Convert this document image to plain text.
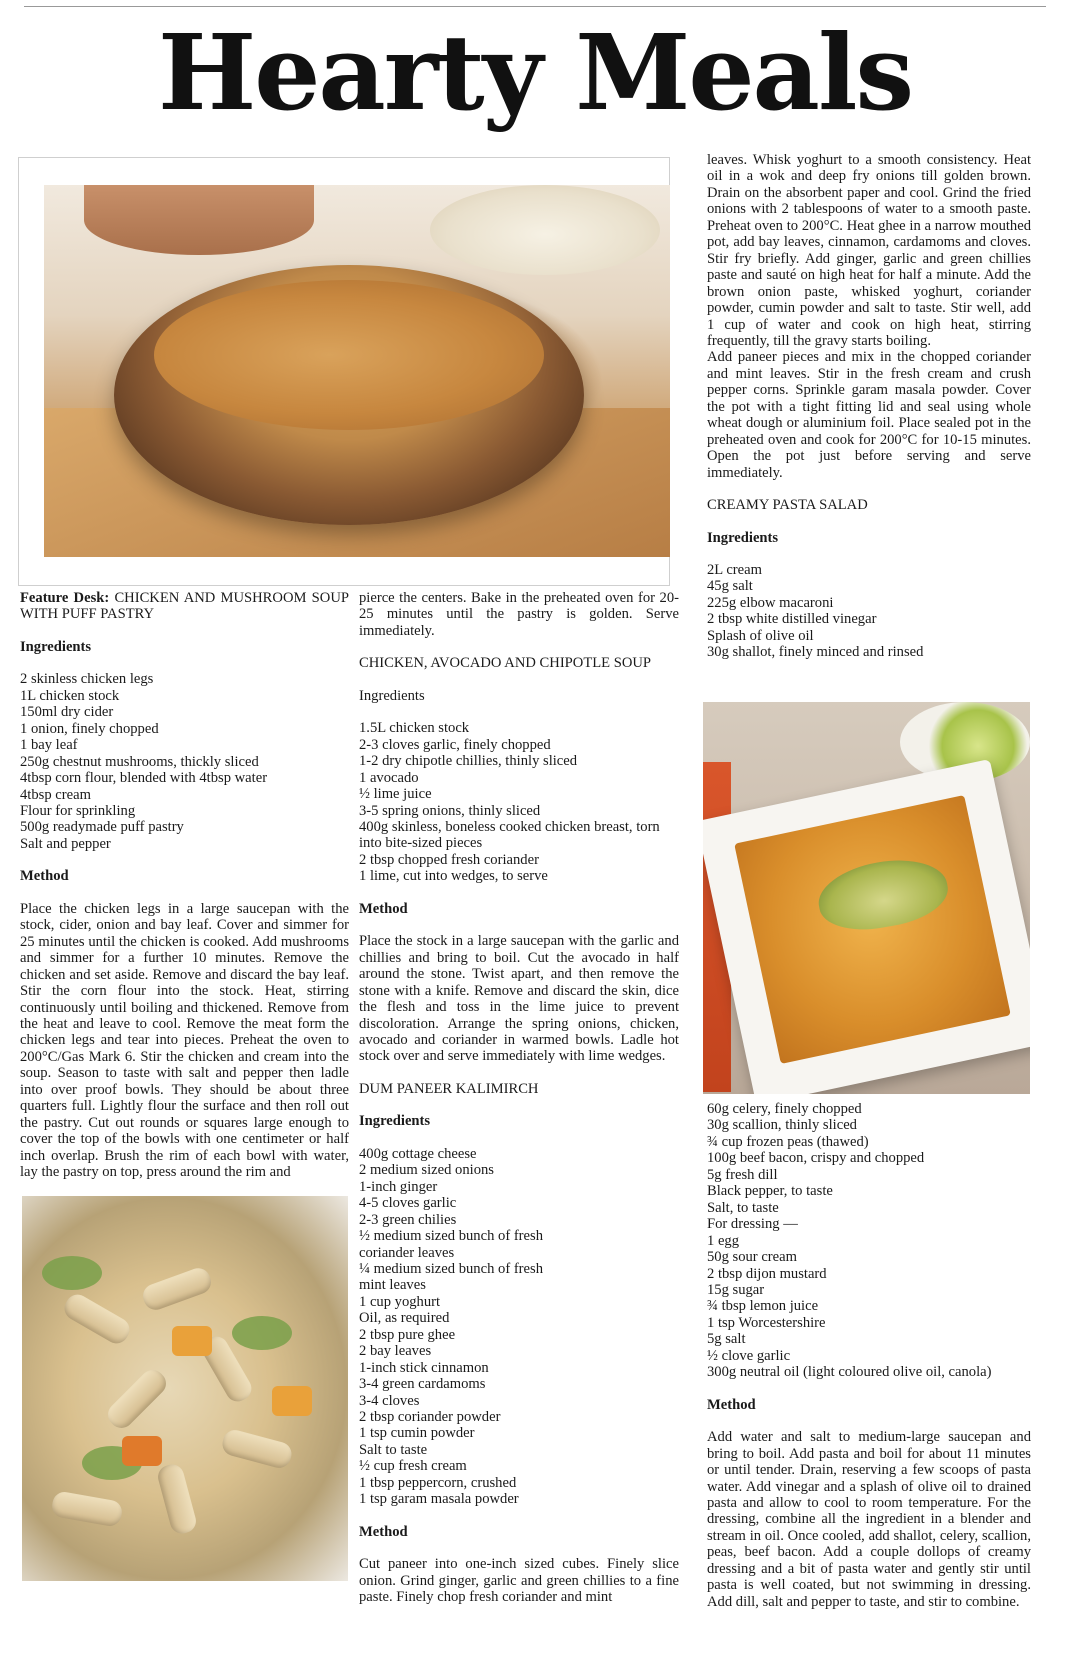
Hearty Meals

Feature Desk: CHICKEN AND MUSHROOM SOUP WITH PUFF PASTRY

Ingredients

2 skinless chicken legs
1L chicken stock
150ml dry cider
1 onion, finely chopped
1 bay leaf
250g chestnut mushrooms, thickly sliced
4tbsp corn flour, blended with 4tbsp water
4tbsp cream
Flour for sprinkling
500g readymade puff pastry
Salt and pepper

Method

Place the chicken legs in a large saucepan with the stock, cider, onion and bay leaf. Cover and simmer for 25 minutes until the chicken is cooked. Add mushrooms and simmer for a further 10 minutes. Remove the chicken and set aside. Remove and discard the bay leaf. Stir the corn flour into the stock. Heat, stirring continuously until boiling and thickened. Remove from the heat and leave to cool. Remove the meat form the chicken legs and tear into pieces. Preheat the oven to 200°C/Gas Mark 6. Stir the chicken and cream into the soup. Season to taste with salt and pepper then ladle into over proof bowls. They should be about three quarters full. Lightly flour the surface and then roll out the pastry. Cut out rounds or squares large enough to cover the top of the bowls with one centimeter or half inch overlap. Brush the rim of each bowl with water, lay the pastry on top, press around the rim and

pierce the centers. Bake in the preheated oven for 20-25 minutes until the pastry is golden. Serve immediately.

CHICKEN, AVOCADO AND CHIPOTLE SOUP

Ingredients

1.5L chicken stock
2-3 cloves garlic, finely chopped
1-2 dry chipotle chillies, thinly sliced
1 avocado
½ lime juice
3-5 spring onions, thinly sliced
400g skinless, boneless cooked chicken breast, torn into bite-sized pieces
2 tbsp chopped fresh coriander
1 lime, cut into wedges, to serve

Method

Place the stock in a large saucepan with the garlic and chillies and bring to boil. Cut the avocado in half around the stone. Twist apart, and then remove the stone with a knife. Remove and discard the skin, dice the flesh and toss in the lime juice to prevent discoloration. Arrange the spring onions, chicken, avocado and coriander in warmed bowls. Ladle hot stock over and serve immediately with lime wedges.

DUM PANEER KALIMIRCH

Ingredients

400g cottage cheese
2 medium sized onions
1-inch ginger
4-5 cloves garlic
2-3 green chilies
½ medium sized bunch of fresh
coriander leaves
¼ medium sized bunch of fresh
mint leaves
1 cup yoghurt
Oil, as required
2 tbsp pure ghee
2 bay leaves
1-inch stick cinnamon
3-4 green cardamoms
3-4 cloves
2 tbsp coriander powder
1 tsp cumin powder
Salt to taste
½ cup fresh cream
1 tbsp peppercorn, crushed
1 tsp garam masala powder

Method

Cut paneer into one-inch sized cubes. Finely slice onion. Grind ginger, garlic and green chillies to a fine paste. Finely chop fresh coriander and mint

leaves. Whisk yoghurt to a smooth consistency. Heat oil in a wok and deep fry onions till golden brown. Drain on the absorbent paper and cool. Grind the fried onions with 2 tablespoons of water to a smooth paste. Preheat oven to 200°C. Heat ghee in a narrow mouthed pot, add bay leaves, cinnamon, cardamoms and cloves. Stir fry briefly. Add ginger, garlic and green chillies paste and sauté on high heat for half a minute. Add the brown onion paste, whisked yoghurt, coriander powder, cumin powder and salt to taste. Stir well, add 1 cup of water and cook on high heat, stirring frequently, till the gravy starts boiling.

Add paneer pieces and mix in the chopped coriander and mint leaves. Stir in the fresh cream and crush pepper corns. Sprinkle garam masala powder. Cover the pot with a tight fitting lid and seal using whole wheat dough or aluminium foil. Place sealed pot in the preheated oven and cook for 200°C for 10-15 minutes. Open the pot just before serving and serve immediately.

CREAMY PASTA SALAD

Ingredients

2L cream
45g salt
225g elbow macaroni
2 tbsp white distilled vinegar
Splash of olive oil
30g shallot, finely minced and rinsed
60g celery, finely chopped
30g scallion, thinly sliced
¾ cup frozen peas (thawed)
100g beef bacon, crispy and chopped
5g fresh dill
Black pepper, to taste
Salt, to taste
For dressing —
1 egg
50g sour cream
2 tbsp dijon mustard
15g sugar
¾ tbsp lemon juice
1 tsp Worcestershire
5g salt
½ clove garlic
300g neutral oil (light coloured olive oil, canola)

Method

Add water and salt to medium-large saucepan and bring to boil. Add pasta and boil for about 11 minutes or until tender. Drain, reserving a few scoops of pasta water. Add vinegar and a splash of olive oil to drained pasta and allow to cool to room temperature. For the dressing, combine all the ingredient in a blender and stream in oil. Once cooled, add shallot, celery, scallion, peas, beef bacon. Add a couple dollops of creamy dressing and a bit of pasta water and gently stir until pasta is well coated, but not swimming in dressing. Add dill, salt and pepper to taste, and stir to combine.
